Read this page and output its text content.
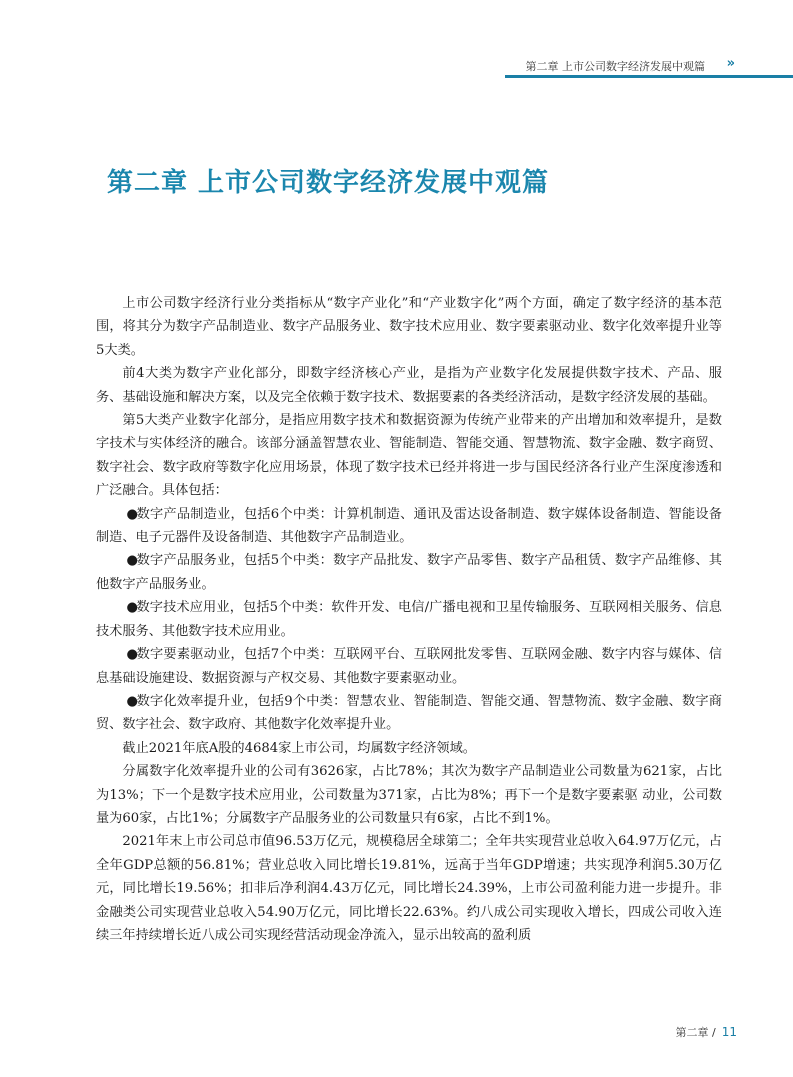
第二章 上市公司数字经济发展中观篇 »
第二章 上市公司数字经济发展中观篇

上市公司数字经济行业分类指标从“数字产业化”和“产业数字化”两个方面，确定了数字经济的基本范围，将其分为数字产品制造业、数字产品服务业、数字技术应用业、数字要素驱动业、数字化效率提升业等5大类。

前4大类为数字产业化部分，即数字经济核心产业，是指为产业数字化发展提供数字技术、产品、服务、基础设施和解决方案，以及完全依赖于数字技术、数据要素的各类经济活动，是数字经济发展的基础。

第5大类产业数字化部分，是指应用数字技术和数据资源为传统产业带来的产出增加和效率提升，是数字技术与实体经济的融合。该部分涵盖智慧农业、智能制造、智能交通、智慧物流、数字金融、数字商贸、数字社会、数字政府等数字化应用场景，体现了数字技术已经并将进一步与国民经济各行业产生深度渗透和广泛融合。具体包括：

●数字产品制造业，包括6个中类：计算机制造、通讯及雷达设备制造、数字媒体设备制造、智能设备制造、电子元器件及设备制造、其他数字产品制造业。

●数字产品服务业，包括5个中类：数字产品批发、数字产品零售、数字产品租赁、数字产品维修、其他数字产品服务业。

●数字技术应用业，包括5个中类：软件开发、电信/广播电视和卫星传输服务、互联网相关服务、信息技术服务、其他数字技术应用业。

●数字要素驱动业，包括7个中类：互联网平台、互联网批发零售、互联网金融、数字内容与媒体、信息基础设施建设、数据资源与产权交易、其他数字要素驱动业。

●数字化效率提升业，包括9个中类：智慧农业、智能制造、智能交通、智慧物流、数字金融、数字商贸、数字社会、数字政府、其他数字化效率提升业。

截止2021年底A股的4684家上市公司，均属数字经济领域。

分属数字化效率提升业的公司有3626家，占比78%；其次为数字产品制造业公司数量为621家，占比为13%；下一个是数字技术应用业，公司数量为371家，占比为8%；再下一个是数字要素驱 动业，公司数量为60家，占比1%；分属数字产品服务业的公司数量只有6家，占比不到1%。

2021年末上市公司总市值96.53万亿元，规模稳居全球第二；全年共实现营业总收入64.97万亿元，占全年GDP总额的56.81%；营业总收入同比增长19.81%，远高于当年GDP增速；共实现净利润5.30万亿元，同比增长19.56%；扣非后净利润4.43万亿元，同比增长24.39%，上市公司盈利能力进一步提升。非金融类公司实现营业总收入54.90万亿元，同比增长22.63%。约八成公司实现收入增长，四成公司收入连续三年持续增长近八成公司实现经营活动现金净流入，显示出较高的盈利质

第二章 / 11
